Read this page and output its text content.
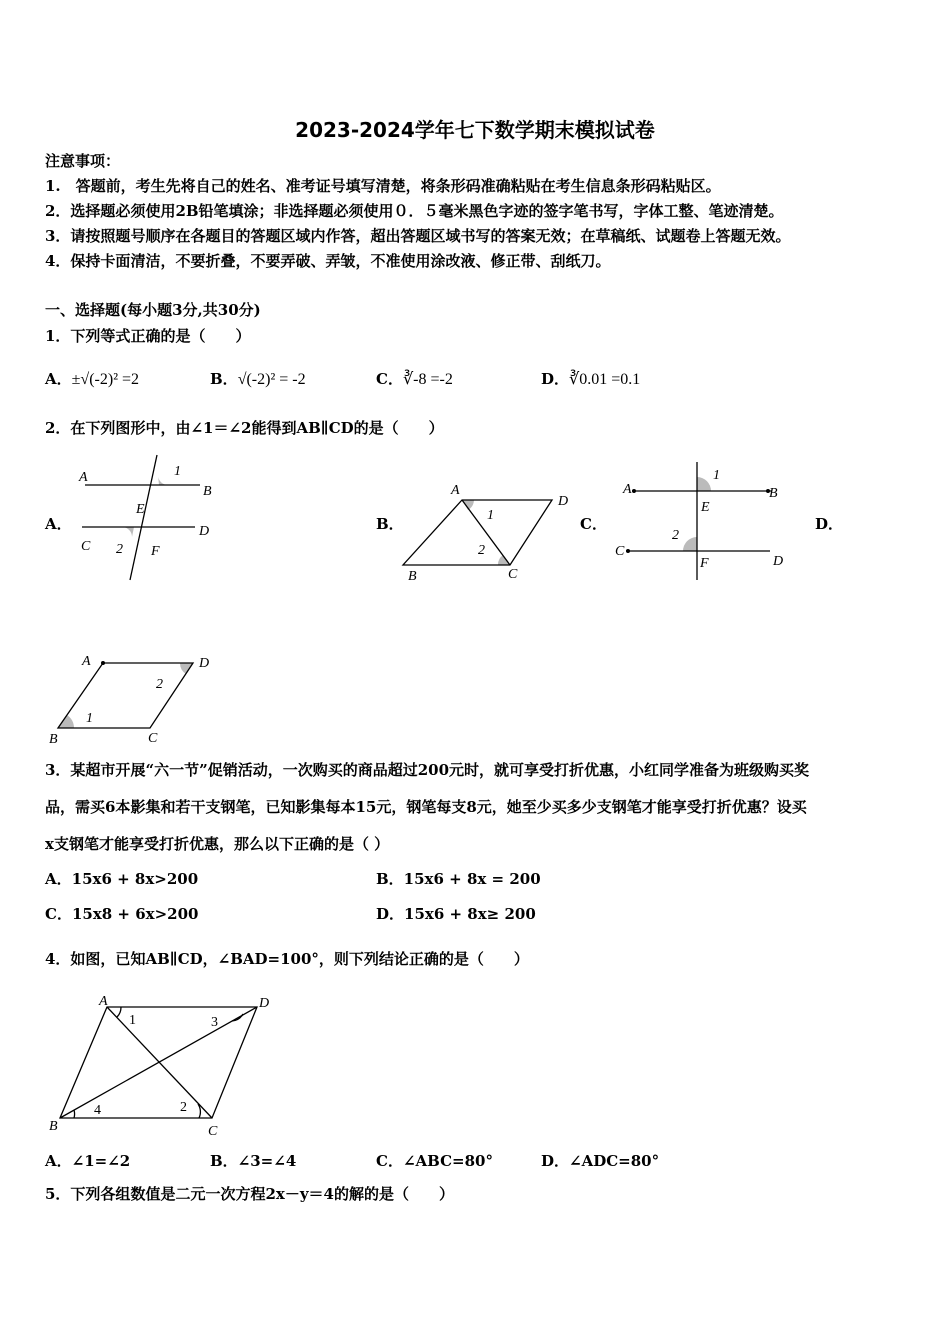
2023-2024学年七下数学期末模拟试卷
注意事项：
1.　答题前，考生先将自己的姓名、准考证号填写清楚，将条形码准确粘贴在考生信息条形码粘贴区。
2．选择题必须使用2B铅笔填涂；非选择题必须使用０．５毫米黑色字迹的签字笔书写，字体工整、笔迹清楚。
3．请按照题号顺序在各题目的答题区域内作答，超出答题区域书写的答案无效；在草稿纸、试题卷上答题无效。
4．保持卡面清洁，不要折叠，不要弄破、弄皱，不准使用涂改液、修正带、刮纸刀。
一、选择题(每小题3分,共30分)
1．下列等式正确的是（　　）
A．±√(-2)² =2	B．√(-2)² = -2	C．∛-8 =-2	D．∛0.01 =0.1
2．在下列图形中，由∠1＝∠2能得到AB∥CD的是（　　）
A．	B．	C．	D．
3．某超市开展“六一节”促销活动，一次购买的商品超过200元时，就可享受打折优惠，小红同学准备为班级购买奖
品，需买6本影集和若干支钢笔，已知影集每本15元，钢笔每支8元，她至少买多少支钢笔才能享受打折优惠？设买
x支钢笔才能享受打折优惠，那么以下正确的是（ ）
A．15x6 + 8x>200	B．15x6 + 8x = 200
C．15x8 + 6x>200	D．15x6 + 8x≥ 200
4．如图，已知AB∥CD，∠BAD=100°，则下列结论正确的是（　　）
A．∠1=∠2	B．∠3=∠4	C．∠ABC=80°	D．∠ADC=80°
5．下列各组数值是二元一次方程2x－y＝4的解的是（　　）
A
B
E
1
D
C 2 F
A
D
1
2
B	C
A	B
1
E
2
C
F	D
A	D
2
1
B	C
A	D
1	3
4	2
B	C
